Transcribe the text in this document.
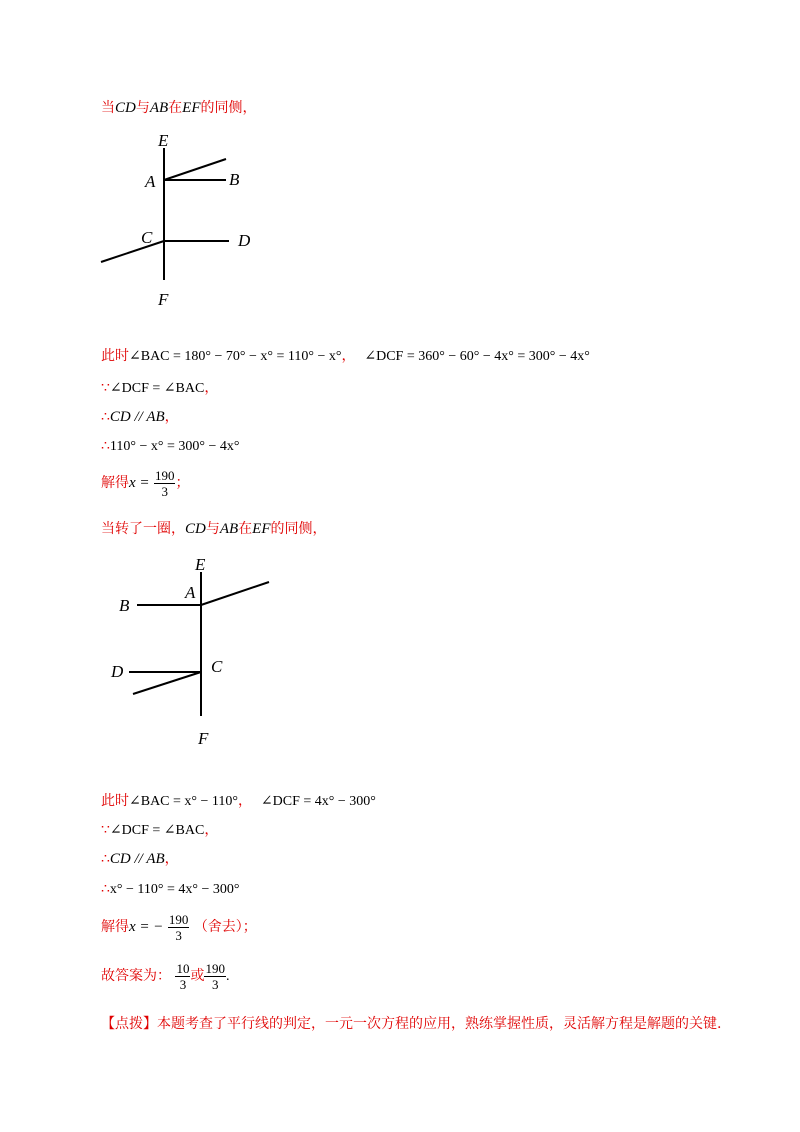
当CD与AB在EF的同侧，
E
A	B
C	D
F
此时∠BAC = 180° − 70° − x° = 110° − x°， ∠DCF = 360° − 60° − 4x° = 300° − 4x°
∵∠DCF = ∠BAC，
∴CD // AB，
∴110° − x° = 300° − 4x°
解得$x = \frac{190}{3}$ ；
当转了一圈，CD与AB在EF的同侧，
E
A
B
C
D
F
此时∠BAC = x° − 110°， ∠DCF = 4x° − 300°
∵∠DCF = ∠BAC，
∴CD // AB，
∴x° − 110° = 4x° − 300°
解得x = − $\frac{190}{3}$ （舍去）；
故答案为： $\frac{10}{3}$ 或 $\frac{190}{3}$ .
【点拨】本题考查了平行线的判定，一元一次方程的应用，熟练掌握性质，灵活解方程是解题的关键.
